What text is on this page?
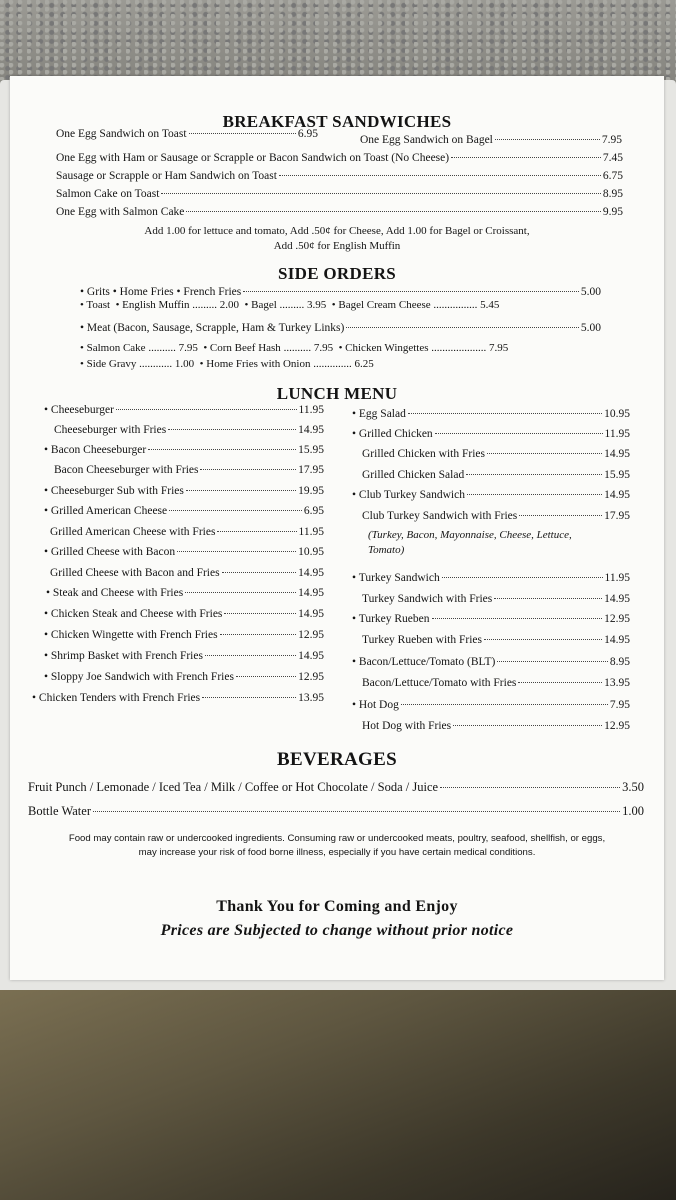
BREAKFAST SANDWICHES
One Egg Sandwich on Toast	6.95	One Egg Sandwich on Bagel	7.95
One Egg with Ham or Sausage or Scrapple or Bacon Sandwich on Toast (No Cheese)	7.45
Sausage or Scrapple or Ham Sandwich on Toast	6.75
Salmon Cake on Toast	8.95
One Egg with Salmon Cake	9.95
Add 1.00 for lettuce and tomato, Add .50¢ for Cheese, Add 1.00 for Bagel or Croissant,
Add .50¢ for English Muffin
SIDE ORDERS
• Grits • Home Fries • French Fries	5.00
• Toast • English Muffin ......... 2.00 • Bagel ......... 3.95 • Bagel Cream Cheese ................ 5.45
• Meat (Bacon, Sausage, Scrapple, Ham & Turkey Links)	5.00
• Salmon Cake .......... 7.95 • Corn Beef Hash .......... 7.95 • Chicken Wingettes .................... 7.95
• Side Gravy ............ 1.00 • Home Fries with Onion .............. 6.25
LUNCH MENU
(Turkey, Bacon, Mayonnaise, Cheese, Lettuce,
Tomato)
BEVERAGES
Fruit Punch / Lemonade / Iced Tea / Milk / Coffee or Hot Chocolate / Soda / Juice	3.50
Bottle Water	1.00
Food may contain raw or undercooked ingredients. Consuming raw or undercooked meats, poultry, seafood, shellfish, or eggs,
may increase your risk of food borne illness, especially if you have certain medical conditions.
Thank You for Coming and Enjoy
Prices are Subjected to change without prior notice
• Cheeseburger	11.95
Cheeseburger with Fries	14.95
• Bacon Cheeseburger	15.95
Bacon Cheeseburger with Fries	17.95
• Cheeseburger Sub with Fries	19.95
• Grilled American Cheese	6.95
Grilled American Cheese with Fries	11.95
• Grilled Cheese with Bacon	10.95
Grilled Cheese with Bacon and Fries	14.95
• Steak and Cheese with Fries	14.95
• Chicken Steak and Cheese with Fries	14.95
• Chicken Wingette with French Fries	12.95
• Shrimp Basket with French Fries	14.95
• Sloppy Joe Sandwich with French Fries	12.95
• Chicken Tenders with French Fries	13.95
• Egg Salad	10.95
• Grilled Chicken	11.95
Grilled Chicken with Fries	14.95
Grilled Chicken Salad	15.95
• Club Turkey Sandwich	14.95
Club Turkey Sandwich with Fries	17.95
• Turkey Sandwich	11.95
Turkey Sandwich with Fries	14.95
• Turkey Rueben	12.95
Turkey Rueben with Fries	14.95
• Bacon/Lettuce/Tomato (BLT)	8.95
Bacon/Lettuce/Tomato with Fries	13.95
• Hot Dog	7.95
Hot Dog with Fries	12.95
